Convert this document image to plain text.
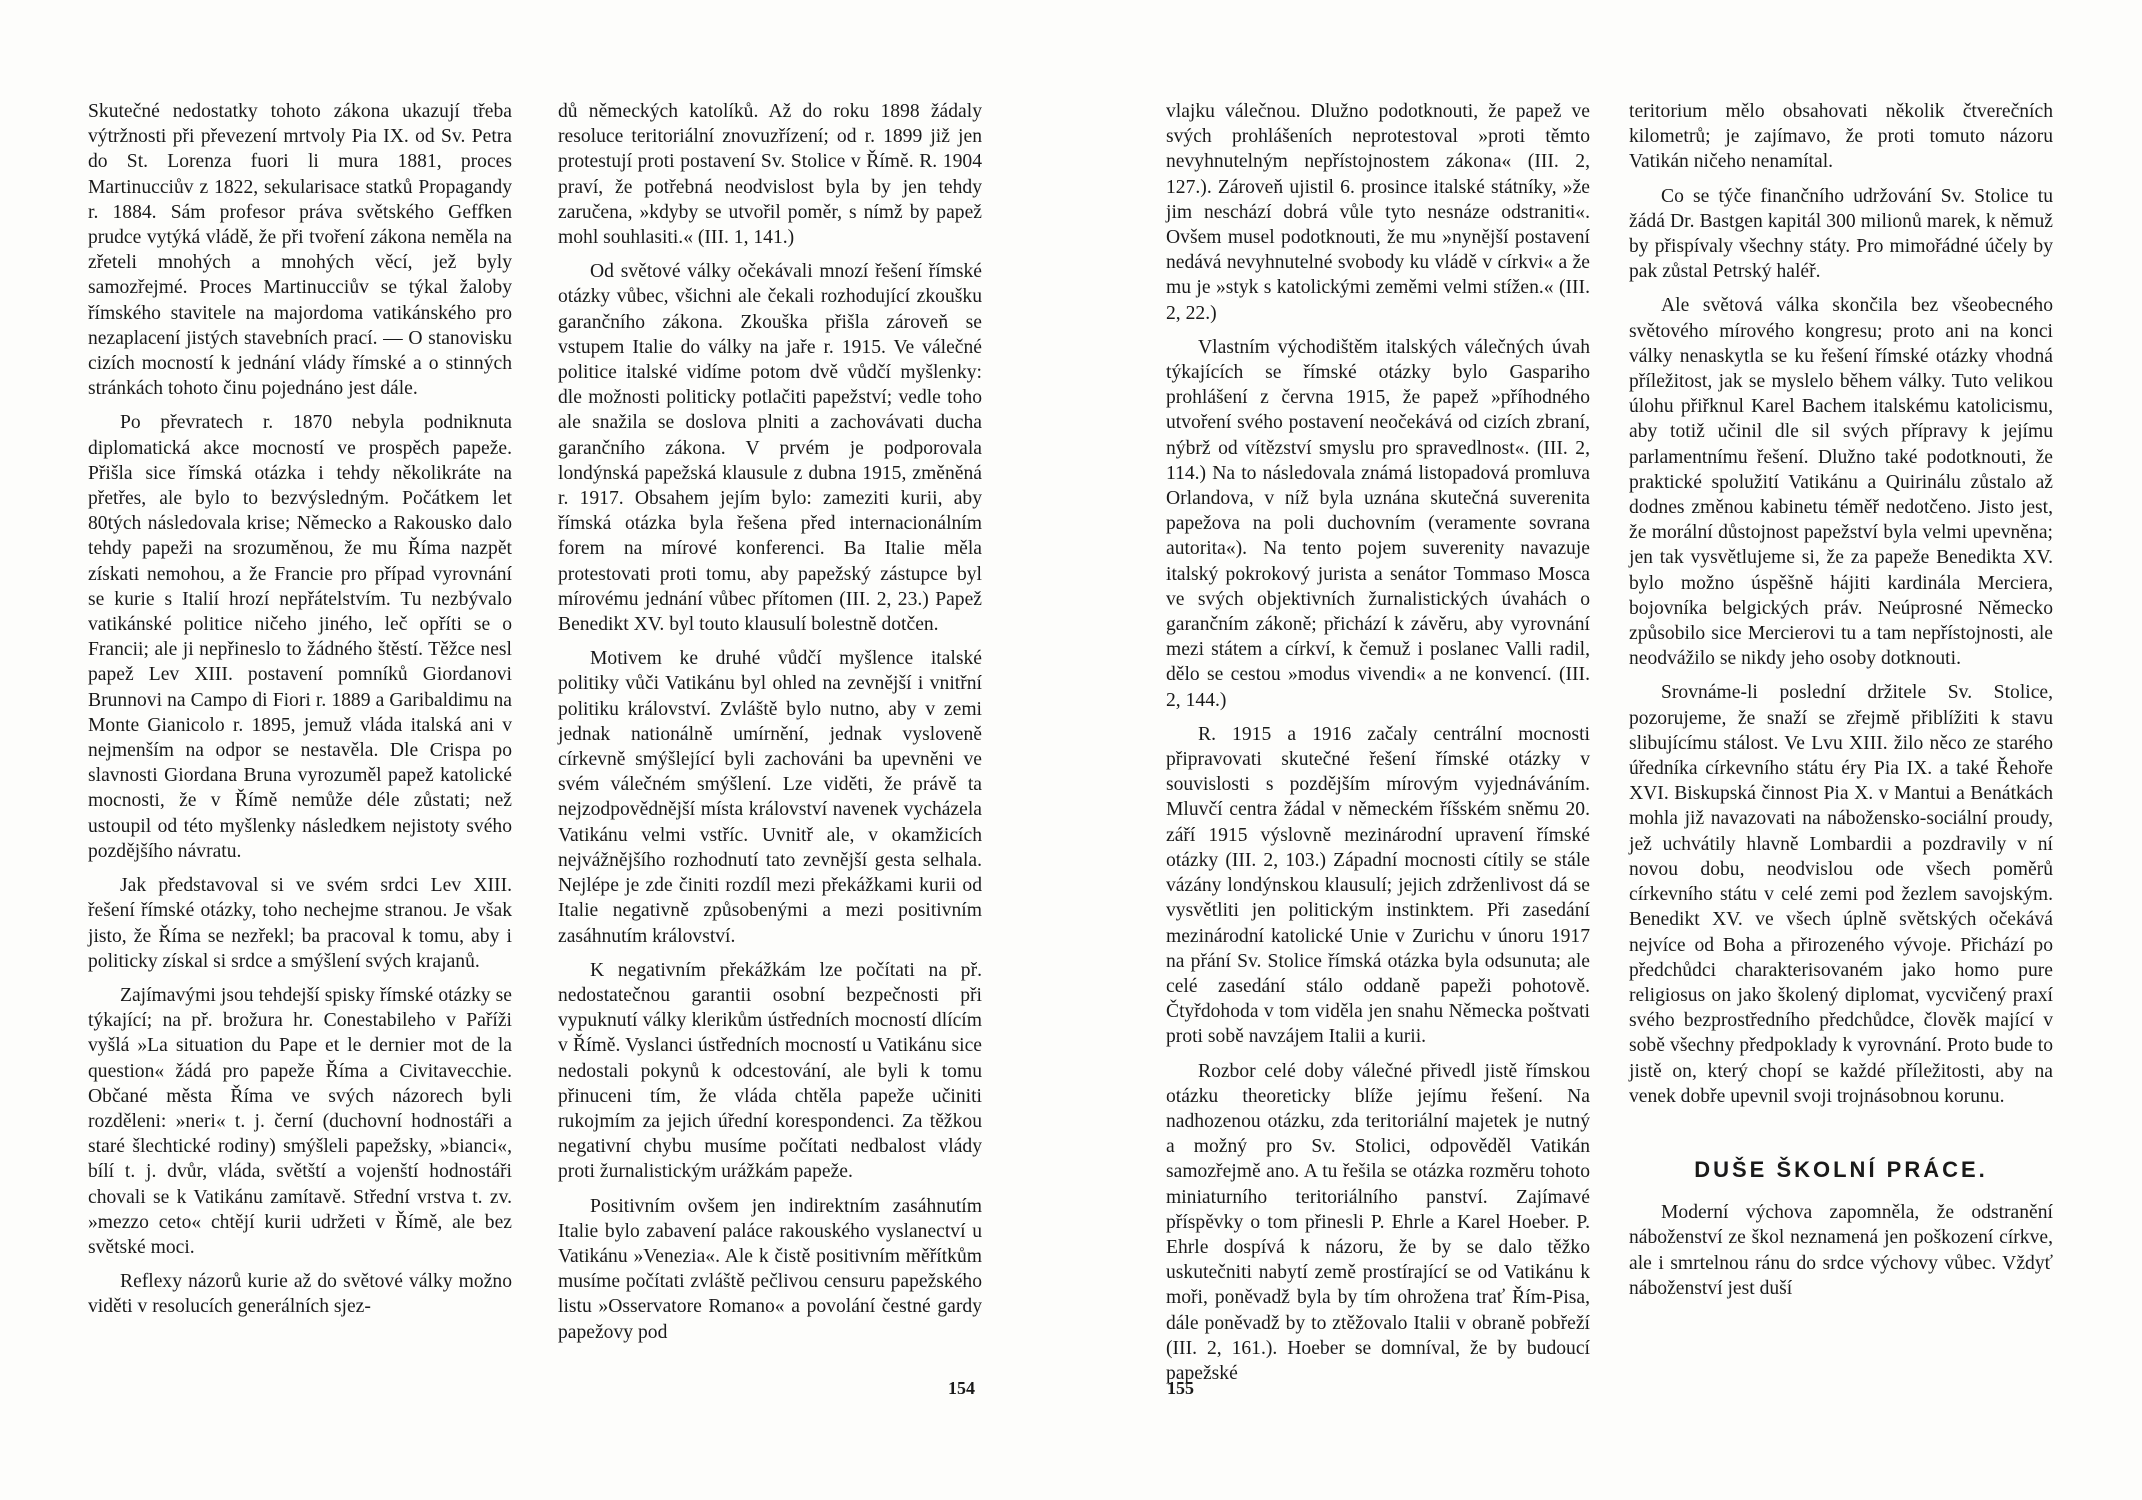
Skutečné nedostatky tohoto zákona ukazují třeba výtržnosti při převezení mrtvoly Pia IX. od Sv. Petra do St. Lorenza fuori li mura 1881, proces Martinucciův z 1822, sekularisace statků Propagandy r. 1884. Sám profesor práva světského Geffken prudce vytýká vládě, že při tvoření zákona neměla na zřeteli mnohých a mnohých věcí, jež byly samozřejmé. Proces Martinucciův se týkal žaloby římského stavitele na majordoma vatikánského pro nezaplacení jistých stavebních prací. — O stanovisku cizích mocností k jednání vlády římské a o stinných stránkách tohoto činu pojednáno jest dále.

Po převratech r. 1870 nebyla podniknuta diplomatická akce mocností ve prospěch papeže. Přišla sice římská otázka i tehdy několikráte na přetřes, ale bylo to bezvýsledným. Počátkem let 80tých následovala krise; Německo a Rakousko dalo tehdy papeži na srozuměnou, že mu Říma nazpět získati nemohou, a že Francie pro případ vyrovnání se kurie s Italií hrozí nepřátelstvím. Tu nezbývalo vatikánské politice ničeho jiného, leč opříti se o Francii; ale ji nepřineslo to žádného štěstí. Těžce nesl papež Lev XIII. postavení pomníků Giordanovi Brunnovi na Campo di Fiori r. 1889 a Garibaldimu na Monte Gianicolo r. 1895, jemuž vláda italská ani v nejmenším na odpor se nestavěla. Dle Crispa po slavnosti Giordana Bruna vyrozuměl papež katolické mocnosti, že v Římě nemůže déle zůstati; než ustoupil od této myšlenky následkem nejistoty svého pozdějšího návratu.

Jak představoval si ve svém srdci Lev XIII. řešení římské otázky, toho nechejme stranou. Je však jisto, že Říma se nezřekl; ba pracoval k tomu, aby i politicky získal si srdce a smýšlení svých krajanů.

Zajímavými jsou tehdejší spisky římské otázky se týkající; na př. brožura hr. Conestabileho v Paříži vyšlá »La situation du Pape et le dernier mot de la question« žádá pro papeže Říma a Civitavecchie. Občané města Říma ve svých názorech byli rozděleni: »neri« t. j. černí (duchovní hodnostáři a staré šlechtické rodiny) smýšleli papežsky, »bianci«, bílí t. j. dvůr, vláda, světští a vojenští hodnostáři chovali se k Vatikánu zamítavě. Střední vrstva t. zv. »mezzo ceto« chtějí kurii udržeti v Římě, ale bez světské moci.

Reflexy názorů kurie až do světové války možno viděti v resolucích generálních sjez-

dů německých katolíků. Až do roku 1898 žádaly resoluce teritoriální znovuzřízení; od r. 1899 již jen protestují proti postavení Sv. Stolice v Římě. R. 1904 praví, že potřebná neodvislost byla by jen tehdy zaručena, »kdyby se utvořil poměr, s nímž by papež mohl souhlasiti.« (III. 1, 141.)

Od světové války očekávali mnozí řešení římské otázky vůbec, všichni ale čekali rozhodující zkoušku garančního zákona. Zkouška přišla zároveň se vstupem Italie do války na jaře r. 1915. Ve válečné politice italské vidíme potom dvě vůdčí myšlenky: dle možnosti politicky potlačiti papežství; vedle toho ale snažila se doslova plniti a zachovávati ducha garančního zákona. V prvém je podporovala londýnská papežská klausule z dubna 1915, změněná r. 1917. Obsahem jejím bylo: zameziti kurii, aby římská otázka byla řešena před internacionálním forem na mírové konferenci. Ba Italie měla protestovati proti tomu, aby papežský zástupce byl mírovému jednání vůbec přítomen (III. 2, 23.) Papež Benedikt XV. byl touto klausulí bolestně dotčen.

Motivem ke druhé vůdčí myšlence italské politiky vůči Vatikánu byl ohled na zevnější i vnitřní politiku království. Zvláště bylo nutno, aby v zemi jednak nationálně umírnění, jednak vysloveně církevně smýšlející byli zachováni ba upevněni ve svém válečném smýšlení. Lze viděti, že právě ta nejzodpovědnější místa království navenek vycházela Vatikánu velmi vstříc. Uvnitř ale, v okamžicích nejvážnějšího rozhodnutí tato zevnější gesta selhala. Nejlépe je zde činiti rozdíl mezi překážkami kurii od Italie negativně způsobenými a mezi positivním zasáhnutím království.

K negativním překážkám lze počítati na př. nedostatečnou garantii osobní bezpečnosti při vypuknutí války klerikům ústředních mocností dlícím v Římě. Vyslanci ústředních mocností u Vatikánu sice nedostali pokynů k odcestování, ale byli k tomu přinuceni tím, že vláda chtěla papeže učiniti rukojmím za jejich úřední korespondenci. Za těžkou negativní chybu musíme počítati nedbalost vlády proti žurnalistickým urážkám papeže.

Positivním ovšem jen indirektním zasáhnutím Italie bylo zabavení paláce rakouského vyslanectví u Vatikánu »Venezia«. Ale k čistě positivním měřítkům musíme počítati zvláště pečlivou censuru papežského listu »Osservatore Romano« a povolání čestné gardy papežovy pod

154

vlajku válečnou. Dlužno podotknouti, že papež ve svých prohlášeních neprotestoval »proti těmto nevyhnutelným nepřístojnostem zákona« (III. 2, 127.). Zároveň ujistil 6. prosince italské státníky, »že jim neschází dobrá vůle tyto nesnáze odstraniti«. Ovšem musel podotknouti, že mu »nynější postavení nedává nevyhnutelné svobody ku vládě v církvi« a že mu je »styk s katolickými zeměmi velmi stížen.« (III. 2, 22.)

Vlastním východištěm italských válečných úvah týkajících se římské otázky bylo Gaspariho prohlášení z června 1915, že papež »příhodného utvoření svého postavení neočekává od cizích zbraní, nýbrž od vítězství smyslu pro spravedlnost«. (III. 2, 114.) Na to následovala známá listopadová promluva Orlandova, v níž byla uznána skutečná suverenita papežova na poli duchovním (veramente sovrana autorita«). Na tento pojem suverenity navazuje italský pokrokový jurista a senátor Tommaso Mosca ve svých objektivních žurnalistických úvahách o garančním zákoně; přichází k závěru, aby vyrovnání mezi státem a církví, k čemuž i poslanec Valli radil, dělo se cestou »modus vivendi« a ne konvencí. (III. 2, 144.)

R. 1915 a 1916 začaly centrální mocnosti připravovati skutečné řešení římské otázky v souvislosti s pozdějším mírovým vyjednáváním. Mluvčí centra žádal v německém říšském sněmu 20. září 1915 výslovně mezinárodní upravení římské otázky (III. 2, 103.) Západní mocnosti cítily se stále vázány londýnskou klausulí; jejich zdrženlivost dá se vysvětliti jen politickým instinktem. Při zasedání mezinárodní katolické Unie v Zurichu v únoru 1917 na přání Sv. Stolice římská otázka byla odsunuta; ale celé zasedání stálo oddaně papeži pohotově. Čtyřdohoda v tom viděla jen snahu Německa poštvati proti sobě navzájem Italii a kurii.

Rozbor celé doby válečné přivedl jistě římskou otázku theoreticky blíže jejímu řešení. Na nadhozenou otázku, zda teritoriální majetek je nutný a možný pro Sv. Stolici, odpověděl Vatikán samozřejmě ano. A tu řešila se otázka rozměru tohoto miniaturního teritoriálního panství. Zajímavé příspěvky o tom přinesli P. Ehrle a Karel Hoeber. P. Ehrle dospívá k názoru, že by se dalo těžko uskutečniti nabytí země prostírající se od Vatikánu k moři, poněvadž byla by tím ohrožena trať Řím-Pisa, dále poněvadž by to ztěžovalo Italii v obraně pobřeží (III. 2, 161.). Hoeber se domníval, že by budoucí papežské

teritorium mělo obsahovati několik čtverečních kilometrů; je zajímavo, že proti tomuto názoru Vatikán ničeho nenamítal.

Co se týče finančního udržování Sv. Stolice tu žádá Dr. Bastgen kapitál 300 milionů marek, k němuž by přispívaly všechny státy. Pro mimořádné účely by pak zůstal Petrský haléř.

Ale světová válka skončila bez všeobecného světového mírového kongresu; proto ani na konci války nenaskytla se ku řešení římské otázky vhodná příležitost, jak se myslelo během války. Tuto velikou úlohu přiřknul Karel Bachem italskému katolicismu, aby totiž učinil dle sil svých přípravy k jejímu parlamentnímu řešení. Dlužno také podotknouti, že praktické spolužití Vatikánu a Quirinálu zůstalo až dodnes změnou kabinetu téměř nedotčeno. Jisto jest, že morální důstojnost papežství byla velmi upevněna; jen tak vysvětlujeme si, že za papeže Benedikta XV. bylo možno úspěšně hájiti kardinála Merciera, bojovníka belgických práv. Neúprosné Německo způsobilo sice Mercierovi tu a tam nepřístojnosti, ale neodvážilo se nikdy jeho osoby dotknouti.

Srovnáme-li poslední držitele Sv. Stolice, pozorujeme, že snaží se zřejmě přiblížiti k stavu slibujícímu stálost. Ve Lvu XIII. žilo něco ze starého úředníka církevního státu éry Pia IX. a také Řehoře XVI. Biskupská činnost Pia X. v Mantui a Benátkách mohla již navazovati na nábožensko-sociální proudy, jež uchvátily hlavně Lombardii a pozdravily v ní novou dobu, neodvislou ode všech poměrů církevního státu v celé zemi pod žezlem savojským. Benedikt XV. ve všech úplně světských očekává nejvíce od Boha a přirozeného vývoje. Přichází po předchůdci charakterisovaném jako homo pure religiosus on jako školený diplomat, vycvičený praxí svého bezprostředního předchůdce, člověk mající v sobě všechny předpoklady k vyrovnání. Proto bude to jistě on, který chopí se každé příležitosti, aby na venek dobře upevnil svoji trojnásobnou korunu.

DUŠE ŠKOLNÍ PRÁCE.

Moderní výchova zapomněla, že odstranění náboženství ze škol neznamená jen poškození církve, ale i smrtelnou ránu do srdce výchovy vůbec. Vždyť náboženství jest duší

155
